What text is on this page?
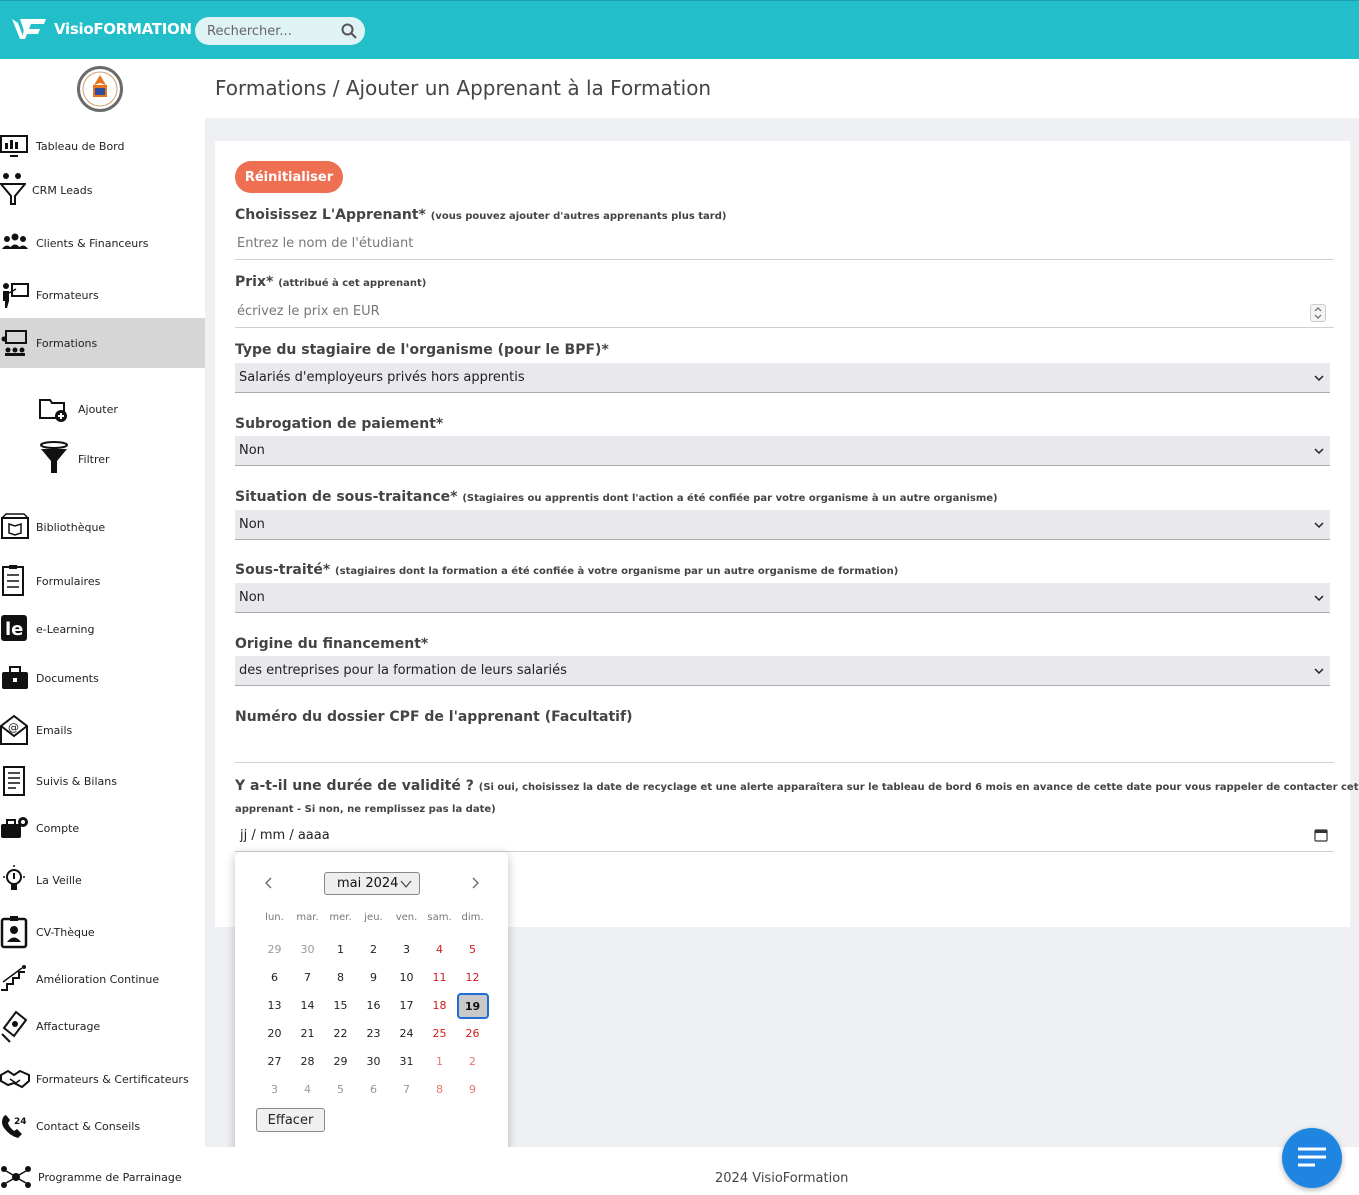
VisioFORMATION
Rechercher...
Tableau de Bord
CRM Leads
Clients & Financeurs
Formateurs
Formations
Ajouter
Filtrer
Bibliothèque
Formulaires
le e-Learning
Documents
@ Emails
Suivis & Bilans
Compte
La Veille
CV-Thèque
Amélioration Continue
Affacturage
Formateurs & Certificateurs
24 Contact & Conseils
Programme de Parrainage
Formations / Ajouter un Apprenant à la Formation
Réinitialiser
Choisissez L'Apprenant* (vous pouvez ajouter d'autres apprenants plus tard)
Entrez le nom de l'étudiant
Prix* (attribué à cet apprenant)
écrivez le prix en EUR
Type du stagiaire de l'organisme (pour le BPF)*
Salariés d'employeurs privés hors apprentis
Subrogation de paiement*
Non
Situation de sous-traitance* (Stagiaires ou apprentis dont l'action a été confiée par votre organisme à un autre organisme)
Non
Sous-traité* (stagiaires dont la formation a été confiée à votre organisme par un autre organisme de formation)
Non
Origine du financement*
des entreprises pour la formation de leurs salariés
Numéro du dossier CPF de l'apprenant (Facultatif)
Y a-t-il une durée de validité ? (Si oui, choisissez la date de recyclage et une alerte apparaîtera sur le tableau de bord 6 mois en avance de cette date pour vous rappeler de contacter cet
apprenant - Si non, ne remplissez pas la date)
jj / mm / aaaa
mai 2024
lun.	mar.	mer.	jeu.	ven.	sam. dim.
29	30	1	2	3	4	5
6	7	8	9	10	11	12
13	14	15	16	17	18	19
20	21	22	23	24	25	26
27	28	29	30	31	1	2
3	4	5	6	7	8	9
Effacer
2024 VisioFormation
